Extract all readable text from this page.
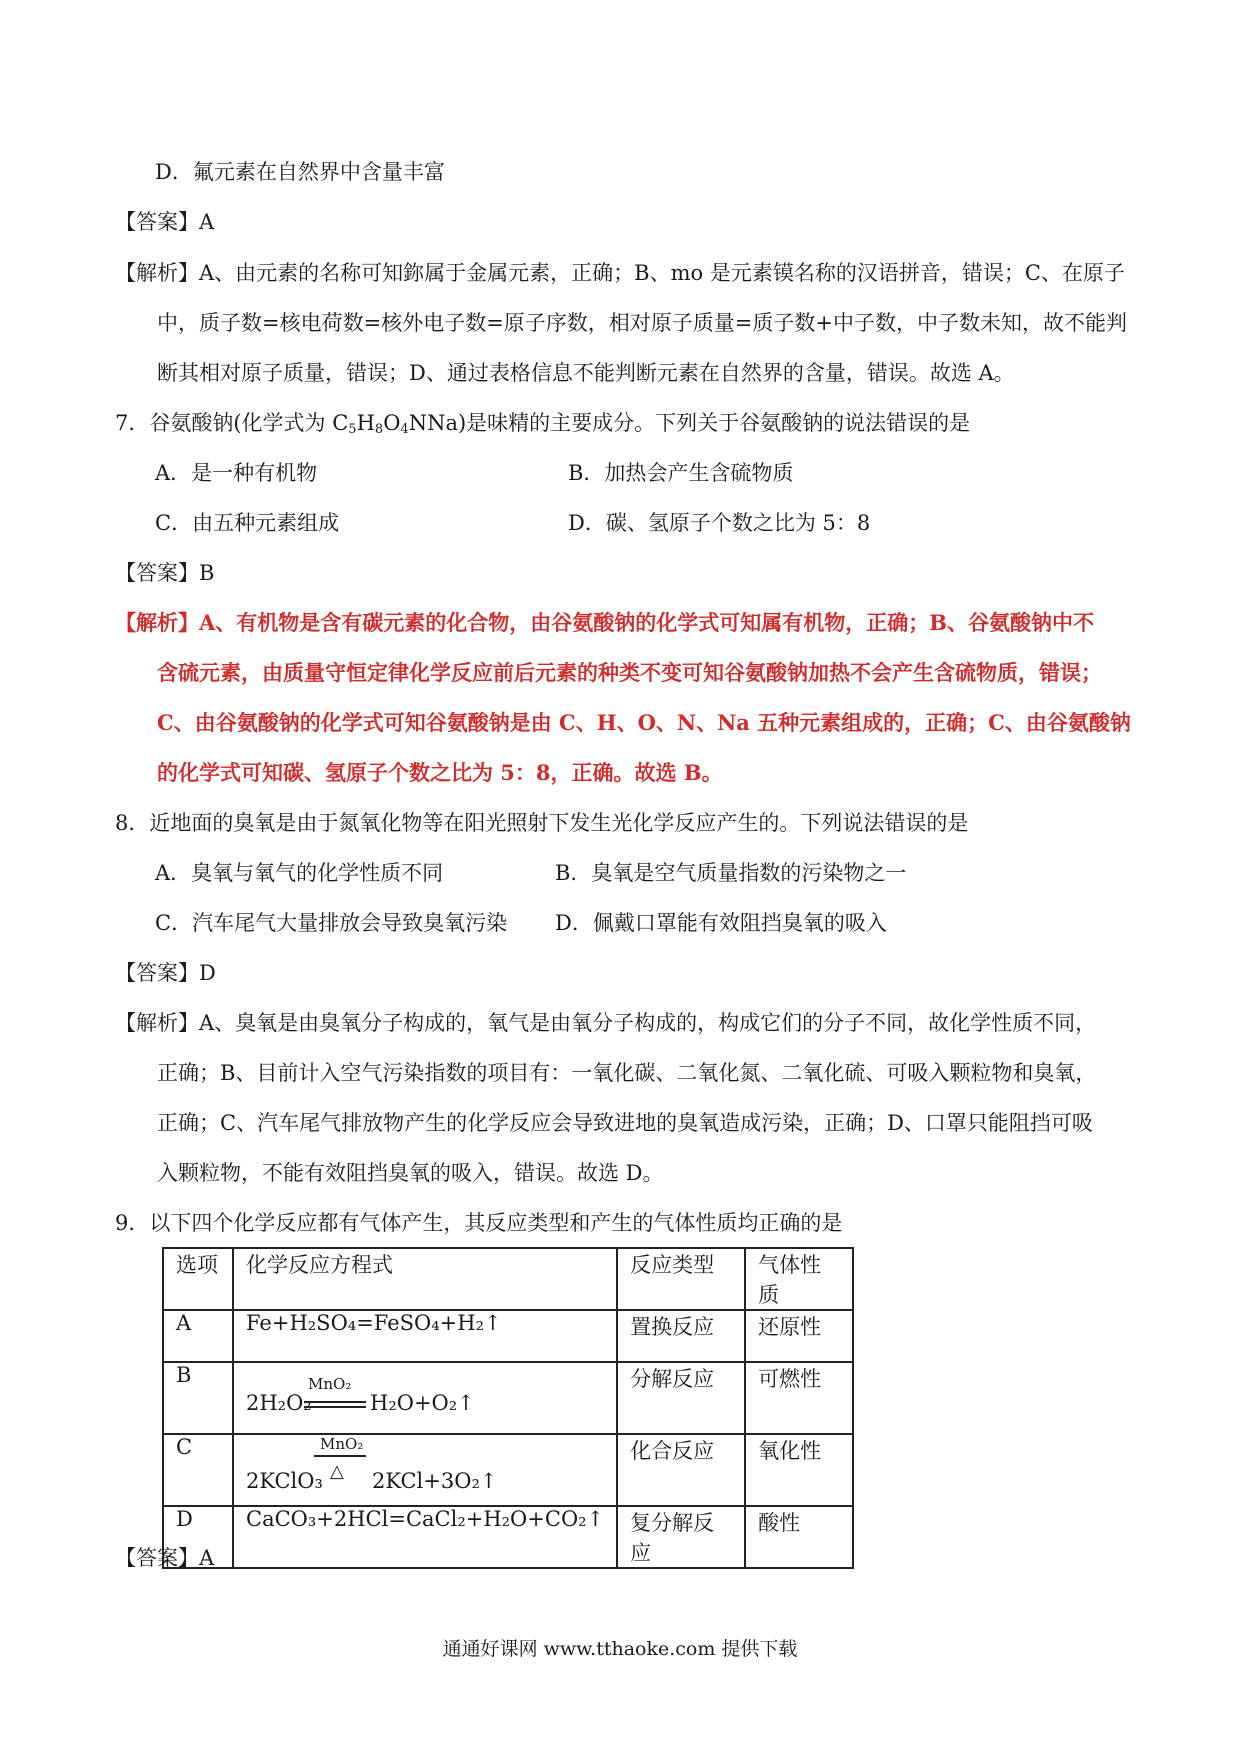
D．氟元素在自然界中含量丰富
【答案】A
【解析】A、由元素的名称可知鉨属于金属元素，正确；B、mo 是元素镆名称的汉语拼音，错误；C、在原子
中，质子数=核电荷数=核外电子数=原子序数，相对原子质量=质子数+中子数，中子数未知，故不能判
断其相对原子质量，错误；D、通过表格信息不能判断元素在自然界的含量，错误。故选 A。
7．谷氨酸钠(化学式为 $C_5H_8O_4NNa$)是味精的主要成分。下列关于谷氨酸钠的说法错误的是
A．是一种有机物	B．加热会产生含硫物质
C．由五种元素组成	D．碳、氢原子个数之比为 5：8
【答案】B
【解析】A、有机物是含有碳元素的化合物，由谷氨酸钠的化学式可知属有机物，正确；B、谷氨酸钠中不
含硫元素，由质量守恒定律化学反应前后元素的种类不变可知谷氨酸钠加热不会产生含硫物质，错误；
C、由谷氨酸钠的化学式可知谷氨酸钠是由 C、H、O、N、Na 五种元素组成的，正确；C、由谷氨酸钠
的化学式可知碳、氢原子个数之比为 5：8，正确。故选 B。
8．近地面的臭氧是由于氮氧化物等在阳光照射下发生光化学反应产生的。下列说法错误的是
A．臭氧与氧气的化学性质不同	B．臭氧是空气质量指数的污染物之一
C．汽车尾气大量排放会导致臭氧污染 D．佩戴口罩能有效阻挡臭氧的吸入
【答案】D
【解析】A、臭氧是由臭氧分子构成的，氧气是由氧分子构成的，构成它们的分子不同，故化学性质不同，
正确；B、目前计入空气污染指数的项目有：一氧化碳、二氧化氮、二氧化硫、可吸入颗粒物和臭氧，
正确；C、汽车尾气排放物产生的化学反应会导致进地的臭氧造成污染，正确；D、口罩只能阻挡可吸
入颗粒物，不能有效阻挡臭氧的吸入，错误。故选 D。
9．以下四个化学反应都有气体产生，其反应类型和产生的气体性质均正确的是
选项	化学反应方程式	反应类型	气体性质
A	Fe+H₂SO₄=FeSO₄+H₂↑	置换反应	还原性
B	2H₂O₂
MnO₂
H₂O+O₂↑	分解反应	可燃性
C	MnO₂
2KClO₃ △ 2KCl+3O₂↑	化合反应	氧化性
D	CaCO₃+2HCl=CaCl₂+H₂O+CO₂↑	复分解反应	酸性
【答案】A
通通好课网 www.tthaoke.com 提供下载
